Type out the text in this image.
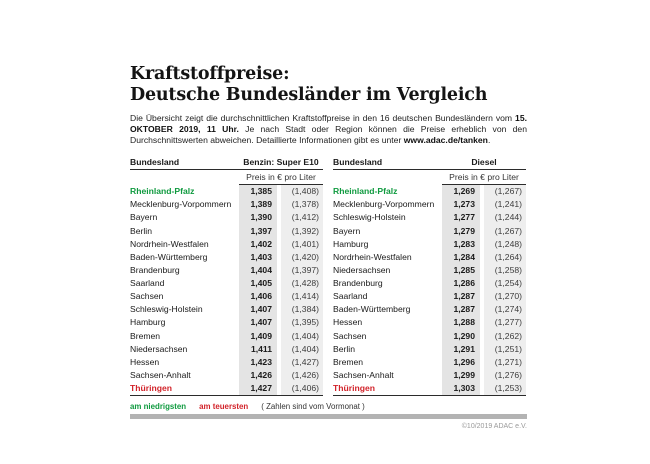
Kraftstoffpreise:
Deutsche Bundesländer im Vergleich

Die Übersicht zeigt die durchschnittlichen Kraftstoffpreise in den 16 deutschen Bundesländern vom 15. OKTOBER 2019, 11 Uhr. Je nach Stadt oder Region können die Preise erheblich von den Durchschnittswerten abweichen. Detaillierte Informationen gibt es unter www.adac.de/tanken.

Bundesland	Benzin: Super E10
Preis in € pro Liter
Rheinland-Pfalz	1,385	(1,408)
Mecklenburg-Vorpommern	1,389	(1,378)
Bayern	1,390	(1,412)
Berlin	1,397	(1,392)
Nordrhein-Westfalen	1,402	(1,401)
Baden-Württemberg	1,403	(1,420)
Brandenburg	1,404	(1,397)
Saarland	1,405	(1,428)
Sachsen	1,406	(1,414)
Schleswig-Holstein	1,407	(1,384)
Hamburg	1,407	(1,395)
Bremen	1,409	(1,404)
Niedersachsen	1,411	(1,404)
Hessen	1,423	(1,427)
Sachsen-Anhalt	1,426	(1,426)
Thüringen	1,427	(1,406)
Bundesland	Diesel
Preis in € pro Liter
Rheinland-Pfalz	1,269	(1,267)
Mecklenburg-Vorpommern	1,273	(1,241)
Schleswig-Holstein	1,277	(1,244)
Bayern	1,279	(1,267)
Hamburg	1,283	(1,248)
Nordrhein-Westfalen	1,284	(1,264)
Niedersachsen	1,285	(1,258)
Brandenburg	1,286	(1,254)
Saarland	1,287	(1,270)
Baden-Württemberg	1,287	(1,274)
Hessen	1,288	(1,277)
Sachsen	1,290	(1,262)
Berlin	1,291	(1,251)
Bremen	1,296	(1,271)
Sachsen-Anhalt	1,299	(1,276)
Thüringen	1,303	(1,253)
am niedrigsten am teuersten ( Zahlen sind vom Vormonat )
©10/2019 ADAC e.V.
